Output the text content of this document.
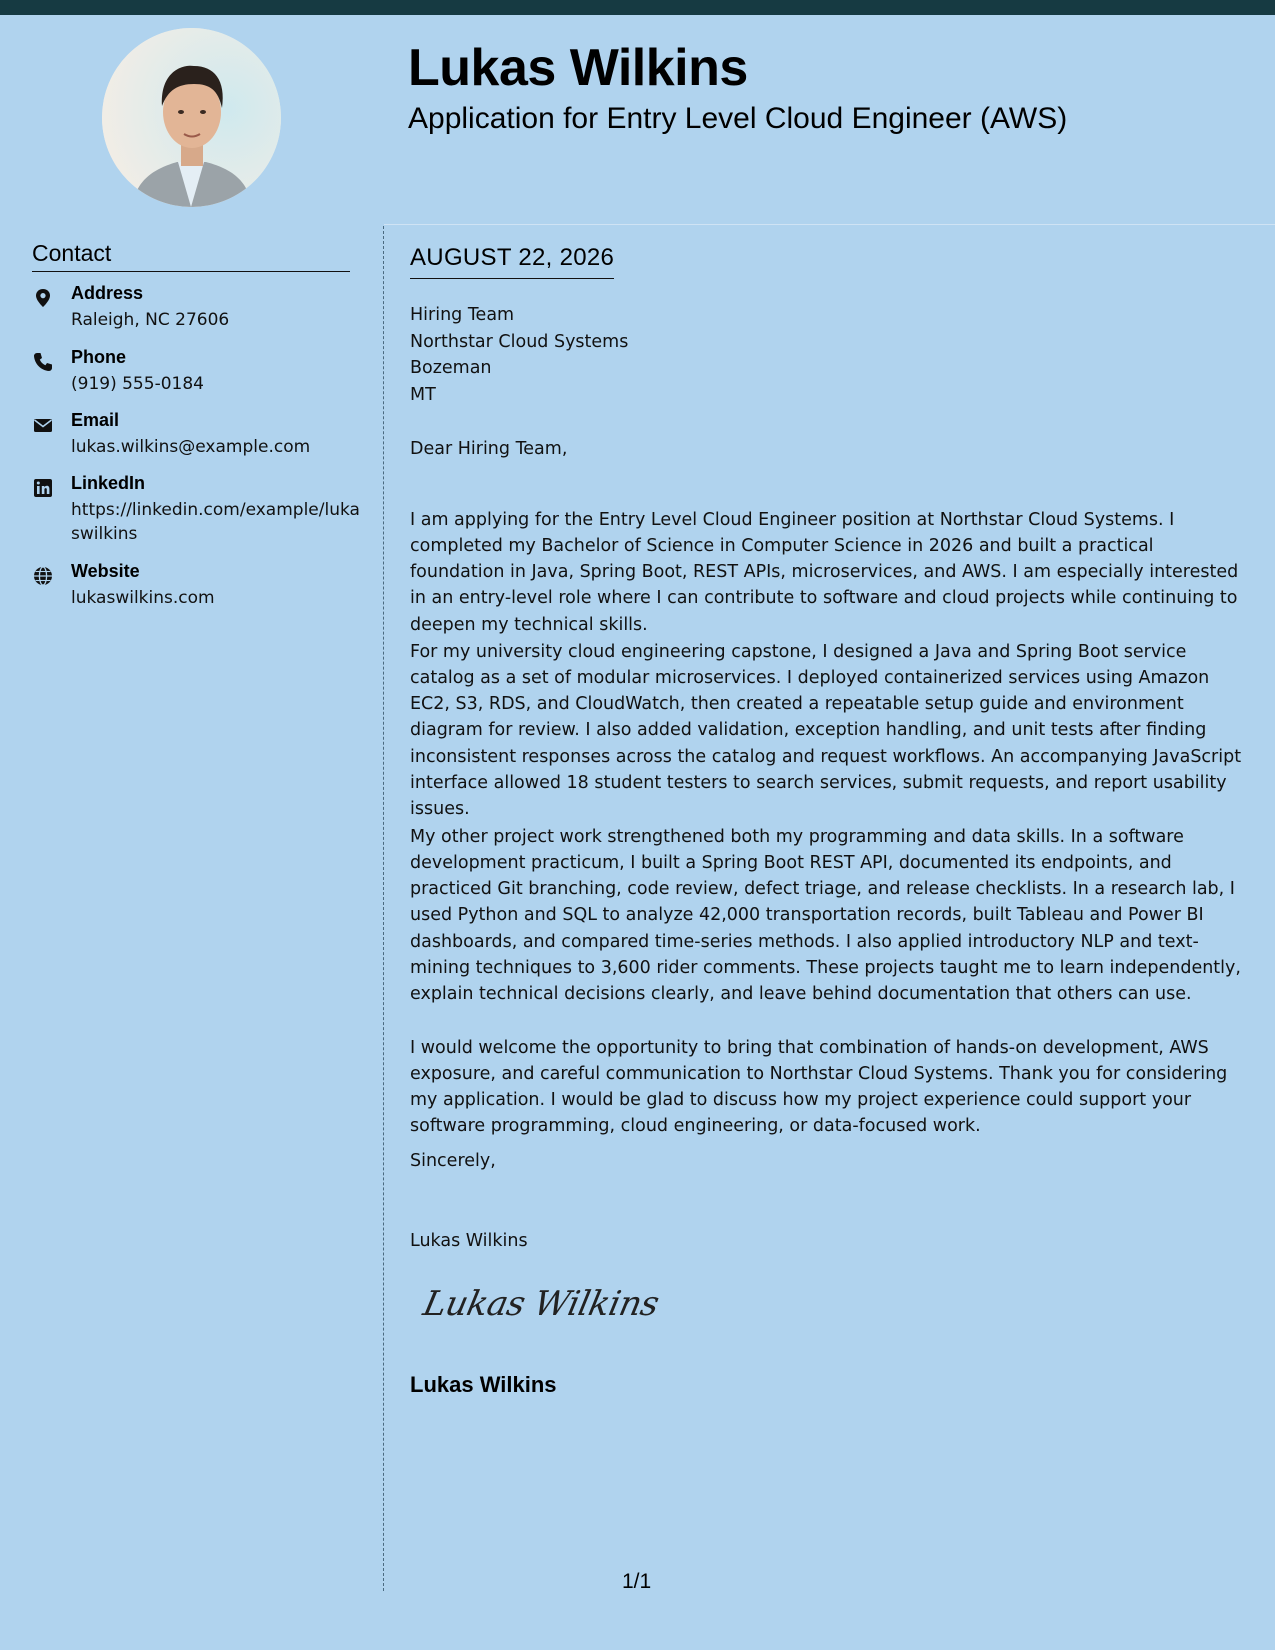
Lukas Wilkins
Application for Entry Level Cloud Engineer (AWS)
Contact
Address
Raleigh, NC 27606
Phone
(919) 555-0184
Email
lukas.wilkins@example.com
LinkedIn
https://linkedin.com/example/lukaswilkins
Website
lukaswilkins.com
AUGUST 22, 2026
Hiring Team
Northstar Cloud Systems
Bozeman
MT
Dear Hiring Team,

I am applying for the Entry Level Cloud Engineer position at Northstar Cloud Systems. I completed my Bachelor of Science in Computer Science in 2026 and built a practical foundation in Java, Spring Boot, REST APIs, microservices, and AWS. I am especially interested in an entry-level role where I can contribute to software and cloud projects while continuing to deepen my technical skills.

For my university cloud engineering capstone, I designed a Java and Spring Boot service catalog as a set of modular microservices. I deployed containerized services using Amazon EC2, S3, RDS, and CloudWatch, then created a repeatable setup guide and environment diagram for review. I also added validation, exception handling, and unit tests after finding inconsistent responses across the catalog and request workflows. An accompanying JavaScript interface allowed 18 student testers to search services, submit requests, and report usability issues.

My other project work strengthened both my programming and data skills. In a software development practicum, I built a Spring Boot REST API, documented its endpoints, and practiced Git branching, code review, defect triage, and release checklists. In a research lab, I used Python and SQL to analyze 42,000 transportation records, built Tableau and Power BI dashboards, and compared time-series methods. I also applied introductory NLP and text-mining techniques to 3,600 rider comments. These projects taught me to learn independently, explain technical decisions clearly, and leave behind documentation that others can use.

I would welcome the opportunity to bring that combination of hands-on development, AWS exposure, and careful communication to Northstar Cloud Systems. Thank you for considering my application. I would be glad to discuss how my project experience could support your software programming, cloud engineering, or data-focused work.

Sincerely,
Lukas Wilkins
Lukas Wilkins
Lukas Wilkins
1/1
